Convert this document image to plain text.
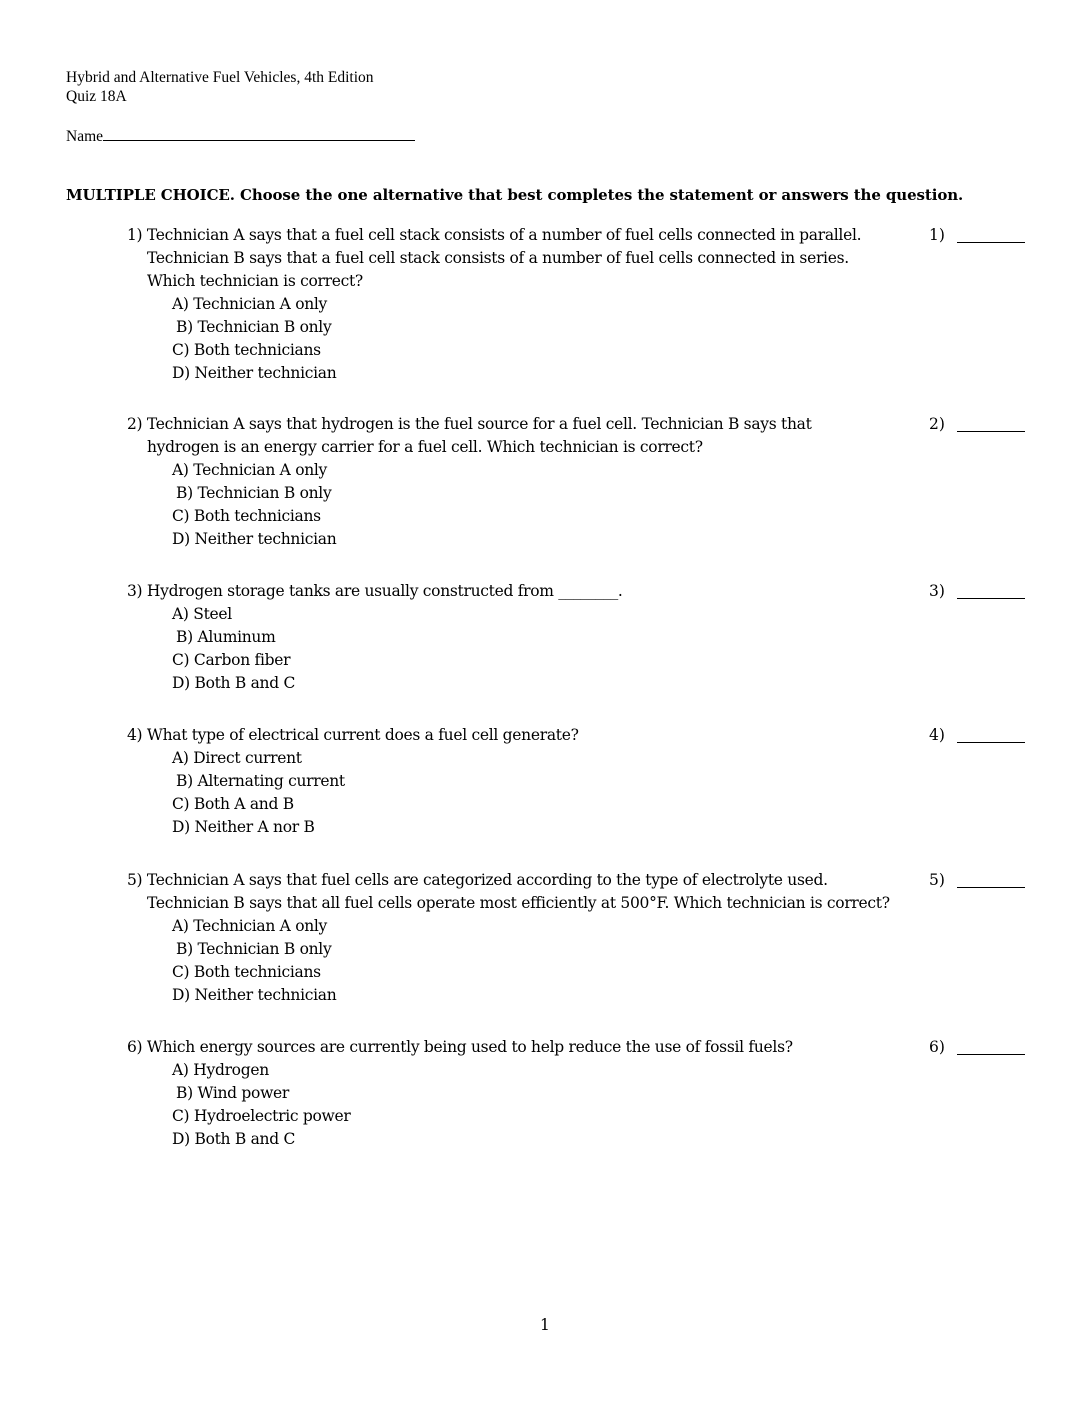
Hybrid and Alternative Fuel Vehicles, 4th Edition
Quiz 18A
Name
MULTIPLE CHOICE. Choose the one alternative that best completes the statement or answers the question.
1) Technician A says that a fuel cell stack consists of a number of fuel cells connected in parallel.
Technician B says that a fuel cell stack consists of a number of fuel cells connected in series.
Which technician is correct?
A) Technician A only
B) Technician B only
C) Both technicians
D) Neither technician
1)
2) Technician A says that hydrogen is the fuel source for a fuel cell. Technician B says that
hydrogen is an energy carrier for a fuel cell. Which technician is correct?
A) Technician A only
B) Technician B only
C) Both technicians
D) Neither technician
2)
3) Hydrogen storage tanks are usually constructed from ________.
A) Steel
B) Aluminum
C) Carbon fiber
D) Both B and C
3)
4) What type of electrical current does a fuel cell generate?
A) Direct current
B) Alternating current
C) Both A and B
D) Neither A nor B
4)
5) Technician A says that fuel cells are categorized according to the type of electrolyte used.
Technician B says that all fuel cells operate most efficiently at 500°F. Which technician is correct?
A) Technician A only
B) Technician B only
C) Both technicians
D) Neither technician
5)
6) Which energy sources are currently being used to help reduce the use of fossil fuels?
A) Hydrogen
B) Wind power
C) Hydroelectric power
D) Both B and C
6)
1
